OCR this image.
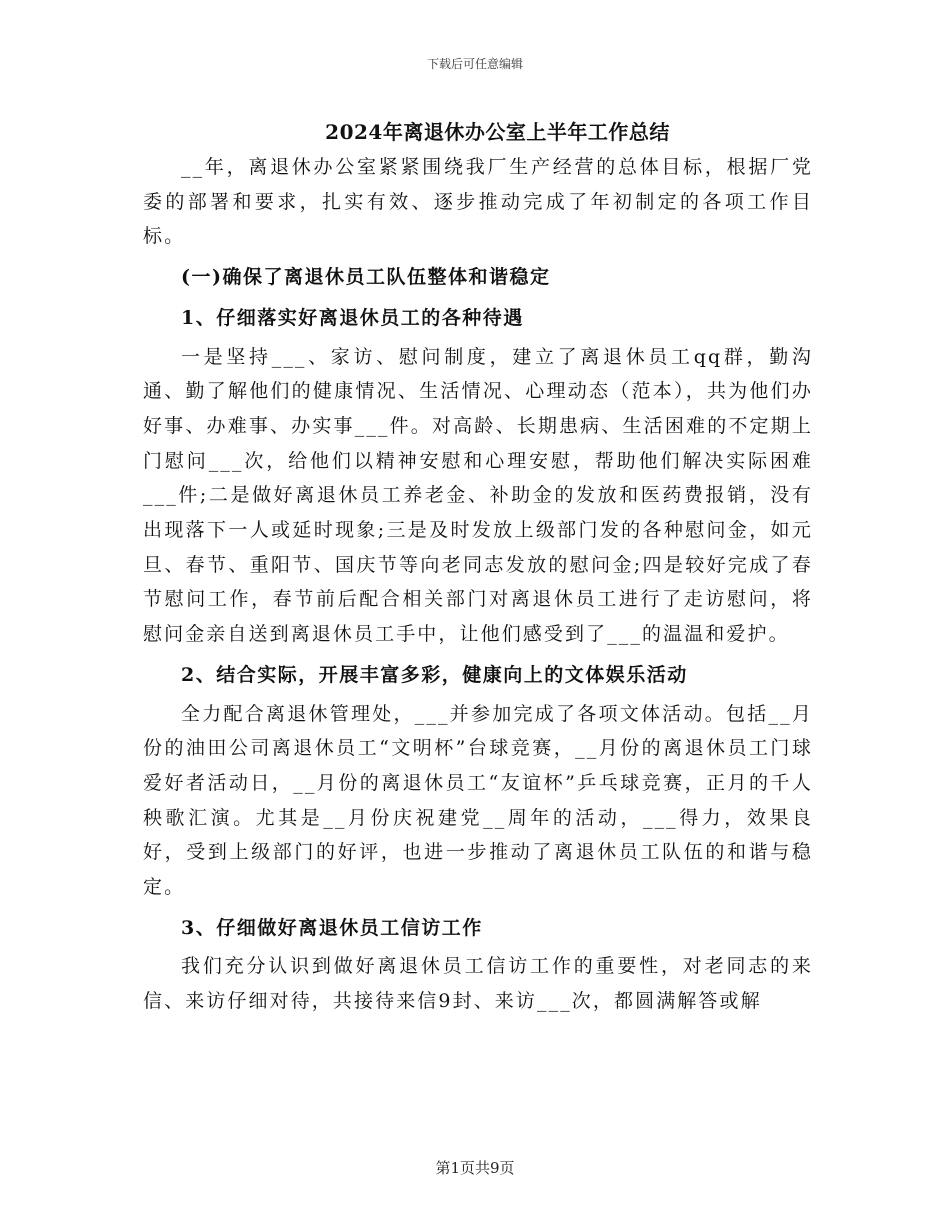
下载后可任意编辑
2024年离退休办公室上半年工作总结

__年，离退休办公室紧紧围绕我厂生产经营的总体目标，根据厂党委的部署和要求，扎实有效、逐步推动完成了年初制定的各项工作目标。

(一)确保了离退休员工队伍整体和谐稳定

1、仔细落实好离退休员工的各种待遇

一是坚持___、家访、慰问制度，建立了离退休员工qq群，勤沟通、勤了解他们的健康情况、生活情况、心理动态（范本），共为他们办好事、办难事、办实事___件。对高龄、长期患病、生活困难的不定期上门慰问___次，给他们以精神安慰和心理安慰，帮助他们解决实际困难___件;二是做好离退休员工养老金、补助金的发放和医药费报销，没有出现落下一人或延时现象;三是及时发放上级部门发的各种慰问金，如元旦、春节、重阳节、国庆节等向老同志发放的慰问金;四是较好完成了春节慰问工作，春节前后配合相关部门对离退休员工进行了走访慰问，将慰问金亲自送到离退休员工手中，让他们感受到了___的温温和爱护。

2、结合实际，开展丰富多彩，健康向上的文体娱乐活动

全力配合离退休管理处，___并参加完成了各项文体活动。包括__月份的油田公司离退休员工“文明杯”台球竞赛，__月份的离退休员工门球爱好者活动日，__月份的离退休员工“友谊杯”乒乓球竞赛，正月的千人秧歌汇演。尤其是__月份庆祝建党__周年的活动，___得力，效果良好，受到上级部门的好评，也进一步推动了离退休员工队伍的和谐与稳定。

3、仔细做好离退休员工信访工作

我们充分认识到做好离退休员工信访工作的重要性，对老同志的来信、来访仔细对待，共接待来信9封、来访___次，都圆满解答或解

第1页共9页
